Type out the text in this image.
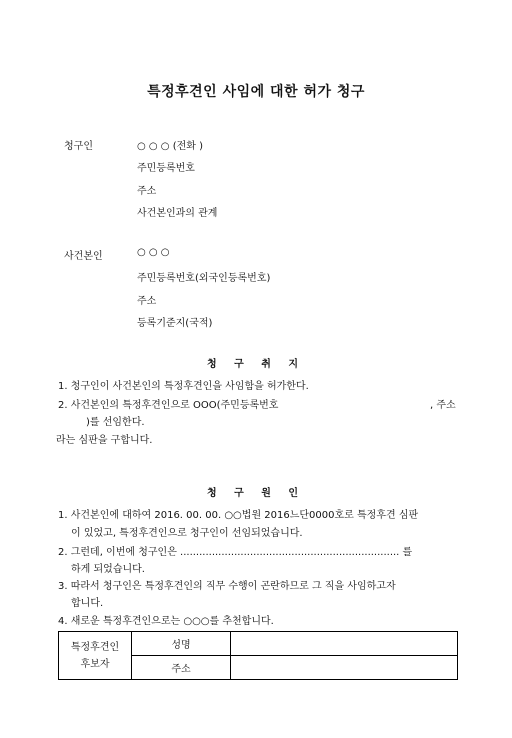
특정후견인 사임에 대한 허가 청구
청구인	○ ○ ○ (전화 )
주민등록번호
주소
사건본인과의 관계
사건본인	○ ○ ○
주민등록번호(외국인등록번호)
주소
등록기준지(국적)
청 구 취 지
1. 청구인이 사건본인의 특정후견인을 사임함을 허가한다.
2. 사건본인의 특정후견인으로 OOO(주민등록번호	, 주소
)를 선임한다.
라는 심판을 구합니다.
청 구 원 인
1. 사건본인에 대하여 2016. 00. 00. ○○법원 2016느단0000호로 특정후견 심판
이 있었고, 특정후견인으로 청구인이 선임되었습니다.
2. 그런데, 이번에 청구인은 ..................................................................... 를
하게 되었습니다.
3. 따라서 청구인은 특정후견인의 직무 수행이 곤란하므로 그 직을 사임하고자
합니다.
4. 새로운 특정후견인으로는 ○○○를 추천합니다.
특정후견인
후보자	성명	
	주소	
